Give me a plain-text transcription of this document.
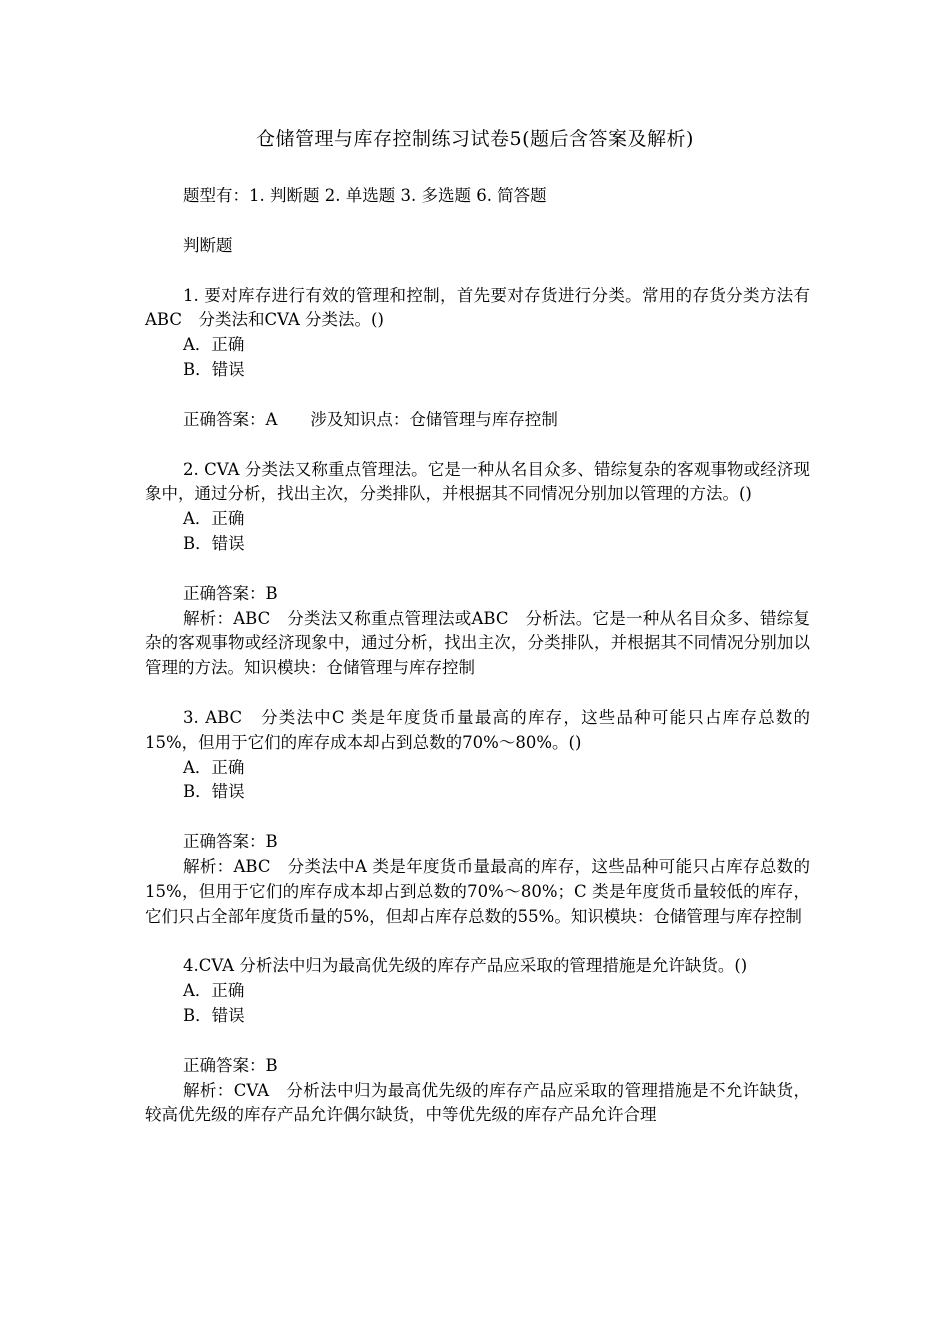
仓储管理与库存控制练习试卷5(题后含答案及解析)

题型有：1. 判断题 2. 单选题 3. 多选题 6. 简答题

判断题

1. 要对库存进行有效的管理和控制，首先要对存货进行分类。常用的存货分类方法有ABC　分类法和CVA 分类法。()

A．正确

B．错误

正确答案：A　　涉及知识点：仓储管理与库存控制

2. CVA 分类法又称重点管理法。它是一种从名目众多、错综复杂的客观事物或经济现象中，通过分析，找出主次，分类排队，并根据其不同情况分别加以管理的方法。()

A．正确

B．错误

正确答案：B

解析：ABC　分类法又称重点管理法或ABC　分析法。它是一种从名目众多、错综复杂的客观事物或经济现象中，通过分析，找出主次，分类排队，并根据其不同情况分别加以管理的方法。知识模块：仓储管理与库存控制

3. ABC　分类法中C 类是年度货币量最高的库存，这些品种可能只占库存总数的15%，但用于它们的库存成本却占到总数的70%～80%。()

A．正确

B．错误

正确答案：B

解析：ABC　分类法中A 类是年度货币量最高的库存，这些品种可能只占库存总数的15%，但用于它们的库存成本却占到总数的70%～80%；C 类是年度货币量较低的库存，它们只占全部年度货币量的5%，但却占库存总数的55%。知识模块：仓储管理与库存控制

4.CVA 分析法中归为最高优先级的库存产品应采取的管理措施是允许缺货。()

A．正确

B．错误

正确答案：B

解析：CVA　分析法中归为最高优先级的库存产品应采取的管理措施是不允许缺货，较高优先级的库存产品允许偶尔缺货，中等优先级的库存产品允许合理
